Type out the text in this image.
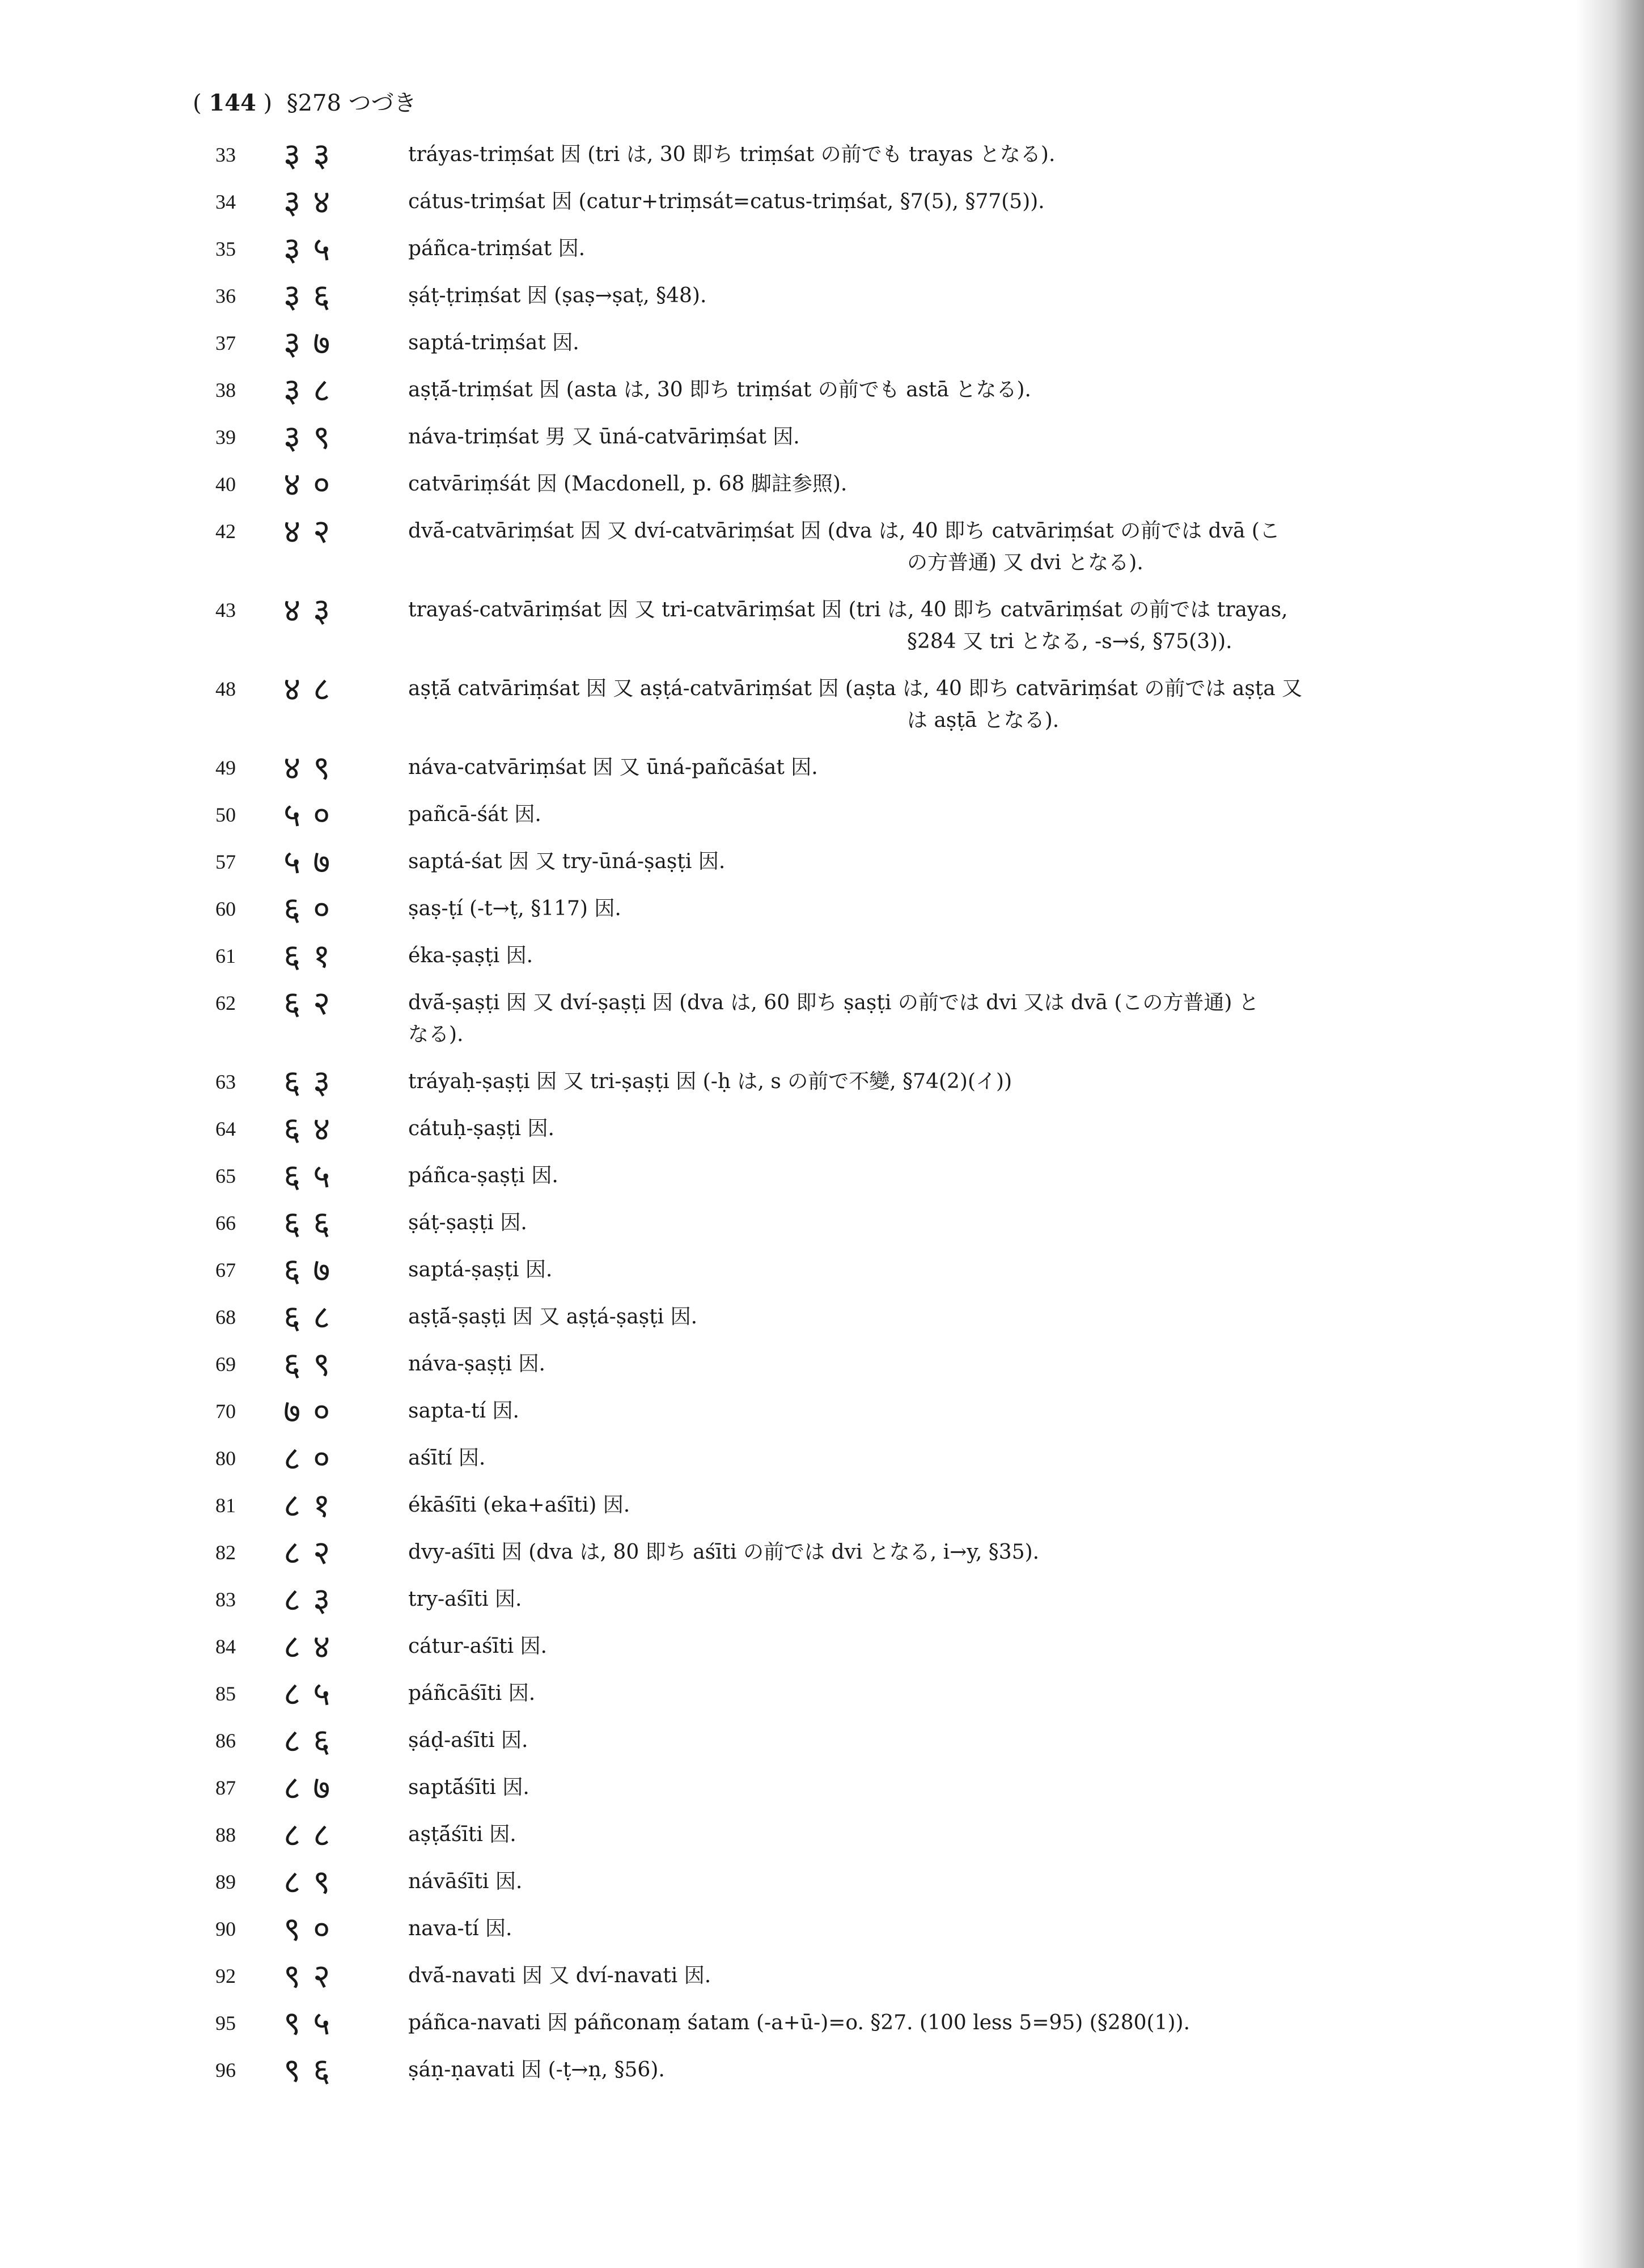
( 144 )  §278 つづき
33	३३	tráyas-triṃśat 因 (tri は, 30 即ち triṃśat の前でも trayas となる).
34	३४	cátus-triṃśat 因 (catur+triṃsát=catus-triṃśat, §7(5), §77(5)).
35	३५	páñca-triṃśat 因.
36	३६	ṣáṭ-ṭriṃśat 因 (ṣaṣ→ṣaṭ, §48).
37	३७	saptá-triṃśat 因.
38	३८	aṣṭā́-triṃśat 因 (asta は, 30 即ち triṃśat の前でも astā となる).
39	३९	náva-triṃśat 男 又 ūná-catvāriṃśat 因.
40	४०	catvāriṃśát 因 (Macdonell, p. 68 脚註参照).
42	४२	dvā́-catvāriṃśat 因 又 dví-catvāriṃśat 因 (dva は, 40 即ち catvāriṃśat の前では dvā (こ
の方普通) 又 dvi となる).
43	४३	trayaś-catvāriṃśat 因 又 tri-catvāriṃśat 因 (tri は, 40 即ち catvāriṃśat の前では trayas,
§284 又 tri となる, -s→ś, §75(3)).
48	४८	aṣṭā́ catvāriṃśat 因 又 aṣṭá-catvāriṃśat 因 (aṣta は, 40 即ち catvāriṃśat の前では aṣṭa 又
は aṣṭā となる).
49	४९	náva-catvāriṃśat 因 又 ūná-pañcāśat 因.
50	५०	pañcā-śát 因.
57	५७	saptá-śat 因 又 try-ūná-ṣaṣṭi 因.
60	६०	ṣaṣ-ṭí (-t→ṭ, §117) 因.
61	६१	éka-ṣaṣṭi 因.
62	६२	dvā́-ṣaṣṭi 因 又 dví-ṣaṣṭi 因 (dva は, 60 即ち ṣaṣṭi の前では dvi 又は dvā (この方普通) と
なる).
63	६३	tráyaḥ-ṣaṣṭi 因 又 tri-ṣaṣṭi 因 (-ḥ は, s の前で不變, §74(2)(イ))
64	६४	cátuḥ-ṣaṣṭi 因.
65	६५	páñca-ṣaṣṭi 因.
66	६६	ṣáṭ-ṣaṣṭi 因.
67	६७	saptá-ṣaṣṭi 因.
68	६८	aṣṭā́-ṣaṣṭi 因 又 aṣṭá-ṣaṣṭi 因.
69	६९	náva-ṣaṣṭi 因.
70	७०	sapta-tí 因.
80	८०	aśītí 因.
81	८१	ékāśīti (eka+aśīti) 因.
82	८२	dvy-aśīti 因 (dva は, 80 即ち aśīti の前では dvi となる, i→y, §35).
83	८३	try-aśīti 因.
84	८४	cátur-aśīti 因.
85	८५	páñcāśīti 因.
86	८६	ṣáḍ-aśīti 因.
87	८७	saptā́śīti 因.
88	८८	aṣṭā́śīti 因.
89	८९	návāśīti 因.
90	९०	nava-tí 因.
92	९२	dvā́-navati 因 又 dví-navati 因.
95	९५	páñca-navati 因 páñconaṃ śatam (-a+ū-)=o. §27. (100 less 5=95) (§280(1)).
96	९६	ṣáṇ-ṇavati 因 (-ṭ→ṇ, §56).
